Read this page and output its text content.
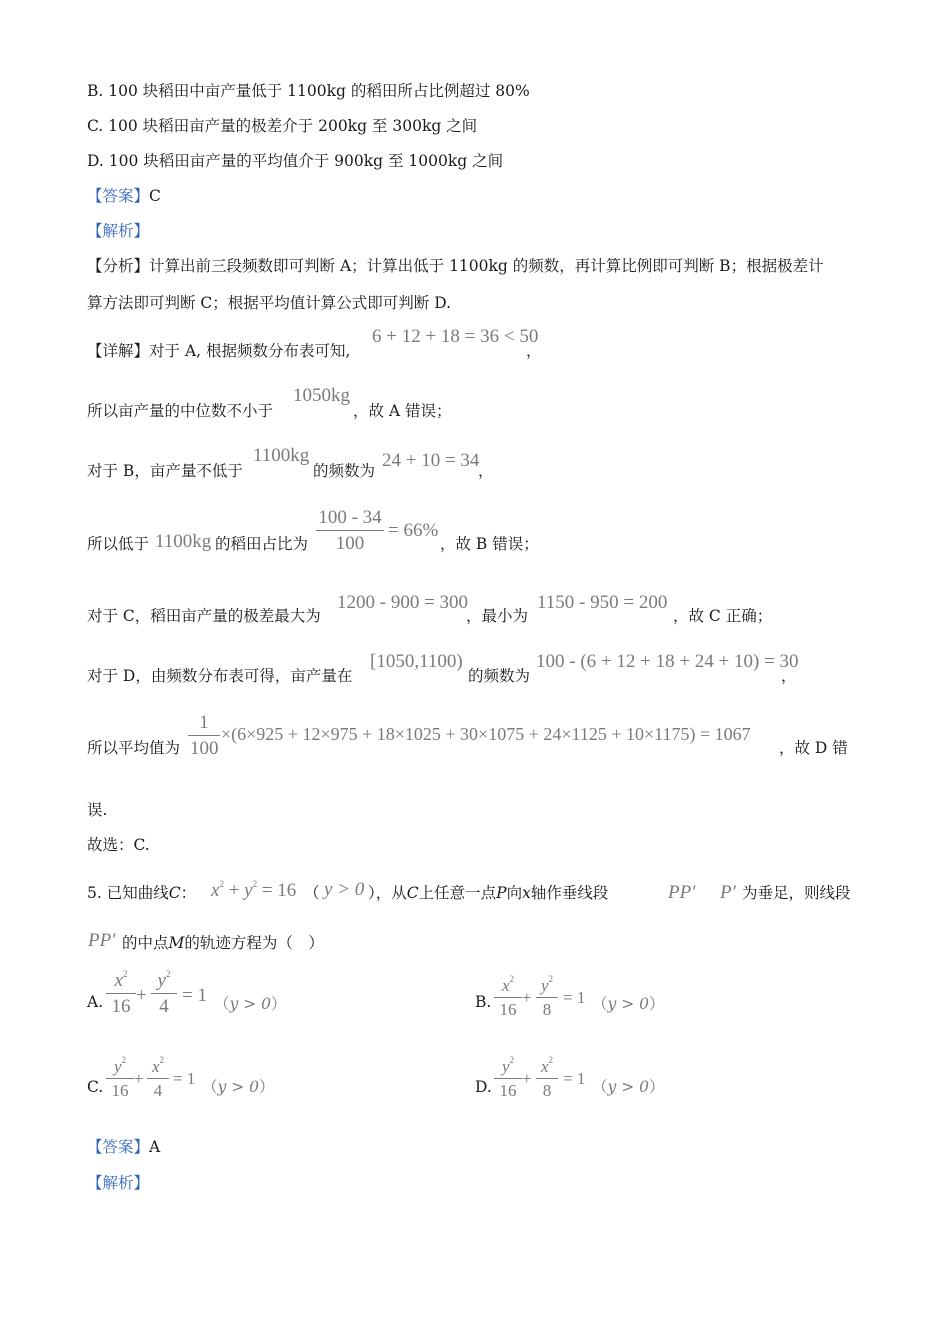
B. 100 块稻田中亩产量低于 1100kg 的稻田所占比例超过 80%
C. 100 块稻田亩产量的极差介于 200kg 至 300kg 之间
D. 100 块稻田亩产量的平均值介于 900kg 至 1000kg 之间
【答案】C
【解析】
【分析】计算出前三段频数即可判断 A；计算出低于 1100kg 的频数，再计算比例即可判断 B；根据极差计
算方法即可判断 C；根据平均值计算公式即可判断 D.
【详解】对于 A, 根据频数分布表可知,
6 + 12 + 18 = 36 < 50
，
所以亩产量的中位数不小于
1050kg
，故 A 错误；
对于 B，亩产量不低于
1100kg
的频数为 24 + 10 = 34
，
所以低于 1100kg 的稻田占比为 $\frac{100 - 34}{100} = 66\%$
，故 B 错误；
对于 C，稻田亩产量的极差最大为
1200 - 900 = 300
，最小为
1150 - 950 = 200
，故 C 正确；
对于 D，由频数分布表可得，亩产量在
[1050,1100)
的频数为
100 - (6 + 12 + 18 + 24 + 10) = 30
，
所以平均值为 $\frac{1}{100} \times(6\times 925 + 12\times 975 + 18\times 1025 + 30\times 1075 + 24\times 1125 + 10\times 1175) = 1067$
，故 D 错
误.
故选：C.
5. 已知曲线C： $x^2 + y^2 = 16$ （ y > 0 ），从C上任意一点P向x轴作垂线段	PP′ P′ 为垂足，则线段
PP′ 的中点M的轨迹方程为（　）
A. $\frac{x^2}{16} + \frac{y^2}{4} = 1$ （y > 0）	B. $\frac{x^2}{16} + \frac{y^2}{8} = 1$ （y > 0）
C. $\frac{y^2}{16} + \frac{x^2}{4} = 1$ （y > 0）	D. $\frac{y^2}{16} + \frac{x^2}{8} = 1$ （y > 0）
【答案】A
【解析】
